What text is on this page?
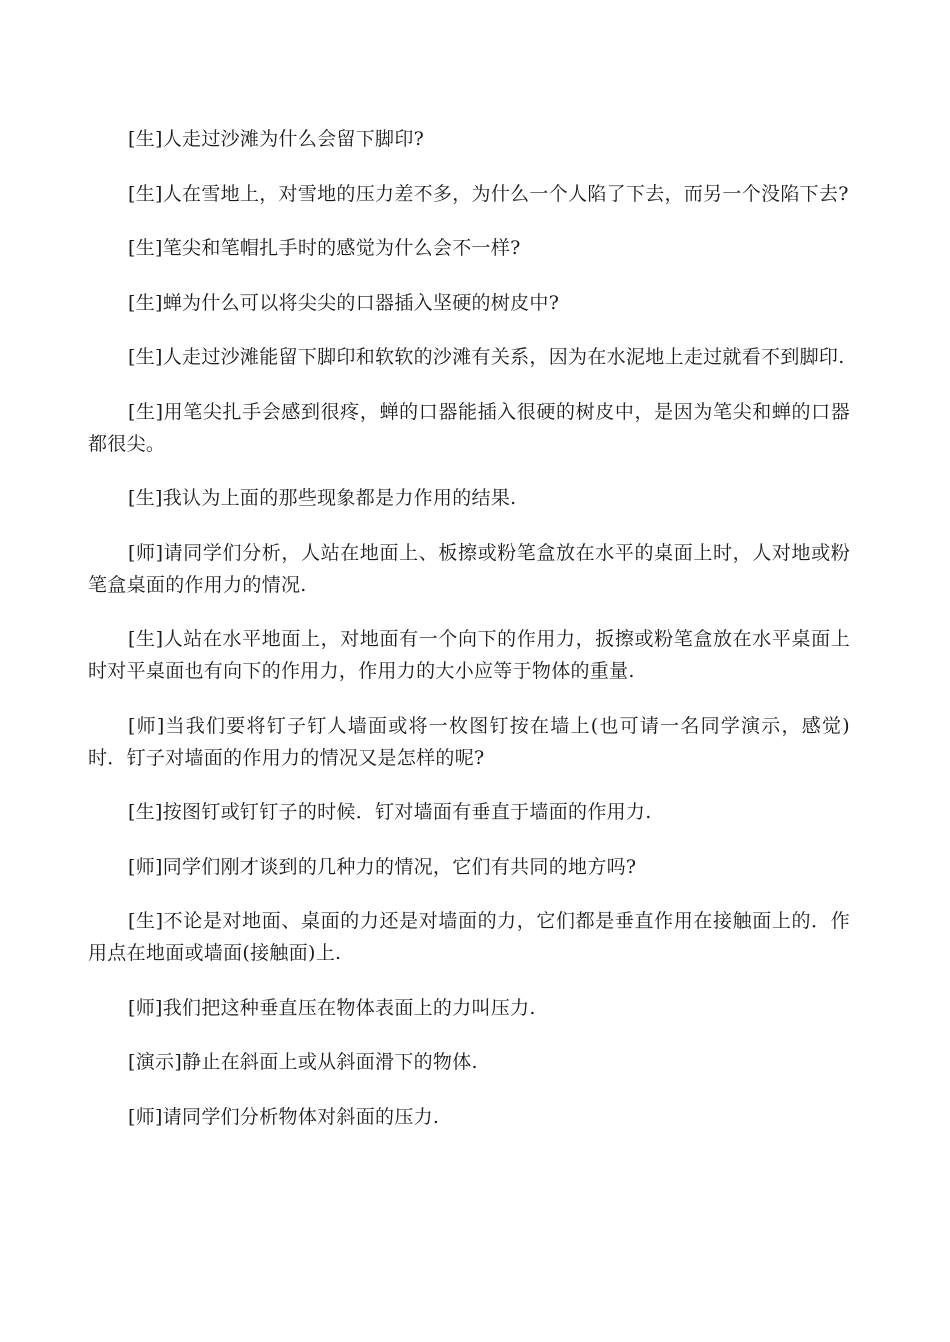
[生]人走过沙滩为什么会留下脚印?

[生]人在雪地上，对雪地的压力差不多，为什么一个人陷了下去，而另一个没陷下去?

[生]笔尖和笔帽扎手时的感觉为什么会不一样?

[生]蝉为什么可以将尖尖的口器插入坚硬的树皮中?

[生]人走过沙滩能留下脚印和软软的沙滩有关系，因为在水泥地上走过就看不到脚印.

[生]用笔尖扎手会感到很疼，蝉的口器能插入很硬的树皮中，是因为笔尖和蝉的口器都很尖。

[生]我认为上面的那些现象都是力作用的结果.

[师]请同学们分析，人站在地面上、板擦或粉笔盒放在水平的桌面上时，人对地或粉笔盒桌面的作用力的情况.

[生]人站在水平地面上，对地面有一个向下的作用力，扳擦或粉笔盒放在水平桌面上时对平桌面也有向下的作用力，作用力的大小应等于物体的重量.

[师]当我们要将钉子钉人墙面或将一枚图钉按在墙上(也可请一名同学演示，感觉)时．钉子对墙面的作用力的情况又是怎样的呢?

[生]按图钉或钉钉子的时候．钉对墙面有垂直于墙面的作用力.

[师]同学们刚才谈到的几种力的情况，它们有共同的地方吗?

[生]不论是对地面、桌面的力还是对墙面的力，它们都是垂直作用在接触面上的．作用点在地面或墙面(接触面)上.

[师]我们把这种垂直压在物体表面上的力叫压力.

[演示]静止在斜面上或从斜面滑下的物体.

[师]请同学们分析物体对斜面的压力.
